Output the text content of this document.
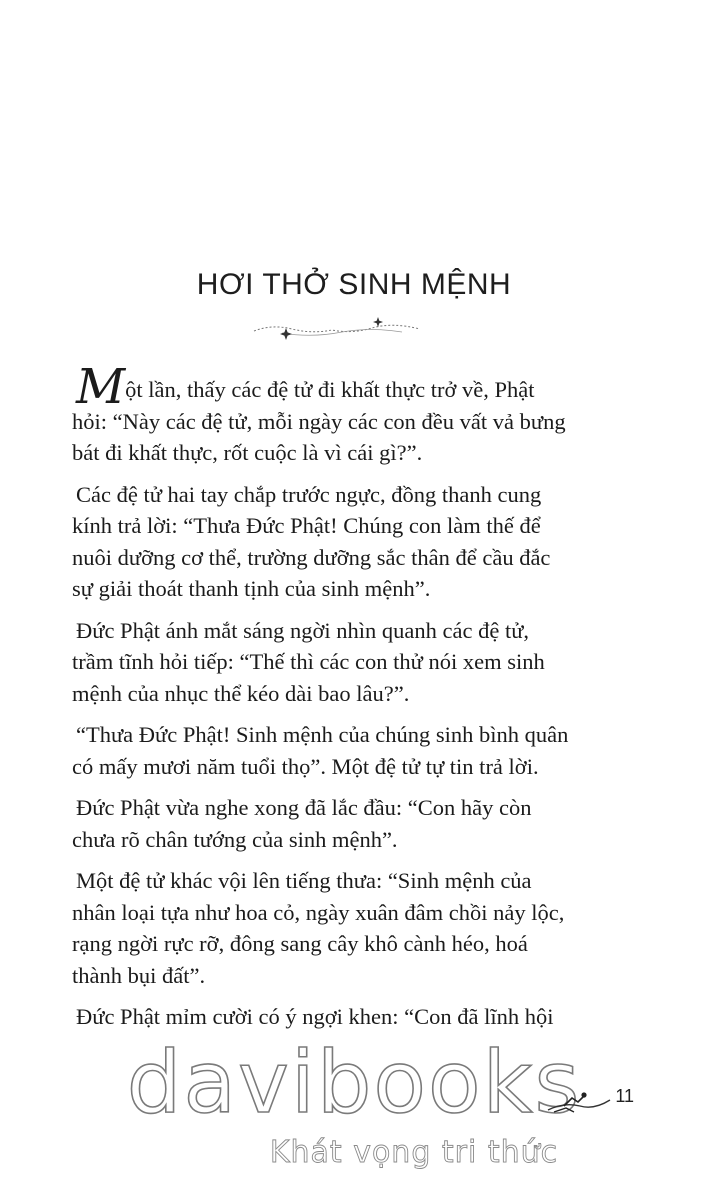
HƠI THỞ SINH MỆNH

Một lần, thấy các đệ tử đi khất thực trở về, Phật
hỏi: “Này các đệ tử, mỗi ngày các con đều vất vả bưng
bát đi khất thực, rốt cuộc là vì cái gì?”.

Các đệ tử hai tay chắp trước ngực, đồng thanh cung
kính trả lời: “Thưa Đức Phật! Chúng con làm thế để
nuôi dưỡng cơ thể, trường dưỡng sắc thân để cầu đắc
sự giải thoát thanh tịnh của sinh mệnh”.

Đức Phật ánh mắt sáng ngời nhìn quanh các đệ tử,
trầm tĩnh hỏi tiếp: “Thế thì các con thử nói xem sinh
mệnh của nhục thể kéo dài bao lâu?”.

“Thưa Đức Phật! Sinh mệnh của chúng sinh bình quân
có mấy mươi năm tuổi thọ”. Một đệ tử tự tin trả lời.

Đức Phật vừa nghe xong đã lắc đầu: “Con hãy còn
chưa rõ chân tướng của sinh mệnh”.

Một đệ tử khác vội lên tiếng thưa: “Sinh mệnh của
nhân loại tựa như hoa cỏ, ngày xuân đâm chồi nảy lộc,
rạng ngời rực rỡ, đông sang cây khô cành héo, hoá
thành bụi đất”.

Đức Phật mỉm cười có ý ngợi khen: “Con đã lĩnh hội

davibooks
Khát vọng tri thức
11
